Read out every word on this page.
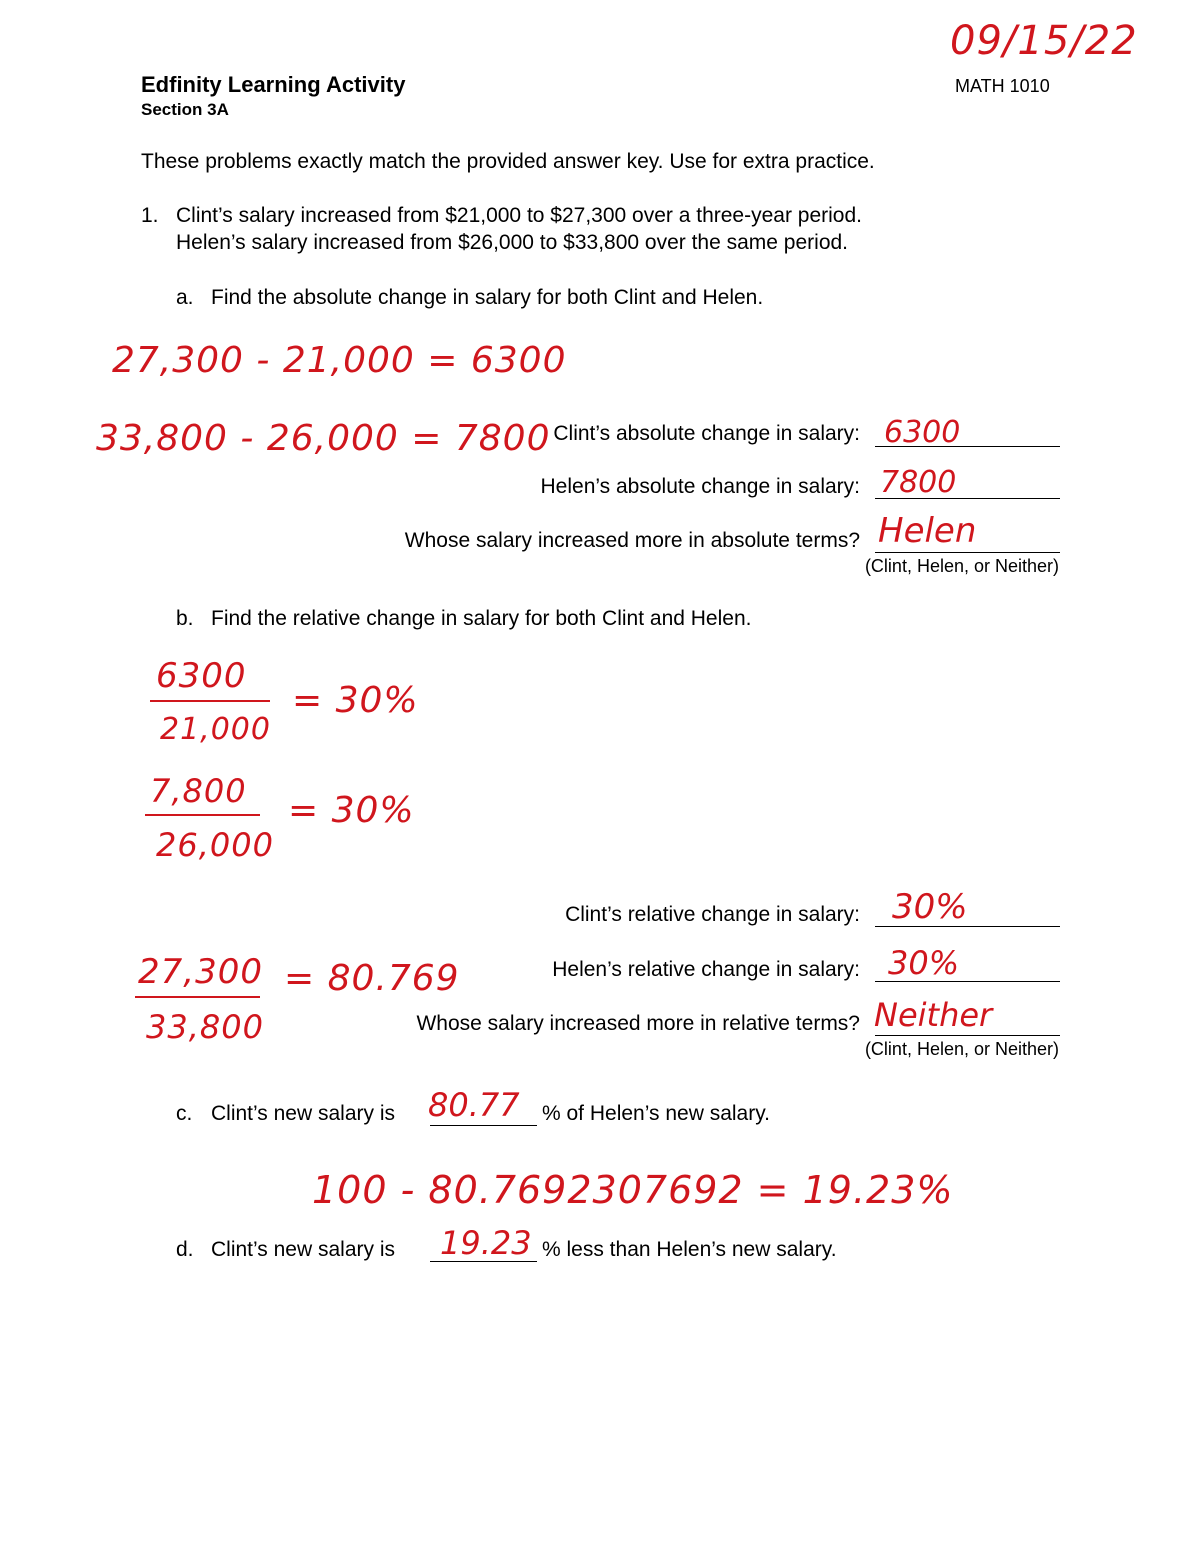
09/15/22
Edfinity Learning Activity
Section 3A
MATH 1010
These problems exactly match the provided answer key. Use for extra practice.
1. Clint’s salary increased from $21,000 to $27,300 over a three-year period.
Helen’s salary increased from $26,000 to $33,800 over the same period.
a. Find the absolute change in salary for both Clint and Helen.
27,300 - 21,000 = 6300
33,800 - 26,000 = 7800 Clint’s absolute change in salary: 6300
Helen’s absolute change in salary: 7800
Whose salary increased more in absolute terms? Helen
(Clint, Helen, or Neither)
b. Find the relative change in salary for both Clint and Helen.
6300
21,000
= 30%
7,800
26,000
= 30%
Clint’s relative change in salary: 30%
27,300
33,800
= 80.769	Helen’s relative change in salary: 30%
Whose salary increased more in relative terms? Neither
(Clint, Helen, or Neither)
c. Clint’s new salary is 80.77 % of Helen’s new salary.
100 - 80.7692307692 = 19.23%
d. Clint’s new salary is 19.23 % less than Helen’s new salary.
